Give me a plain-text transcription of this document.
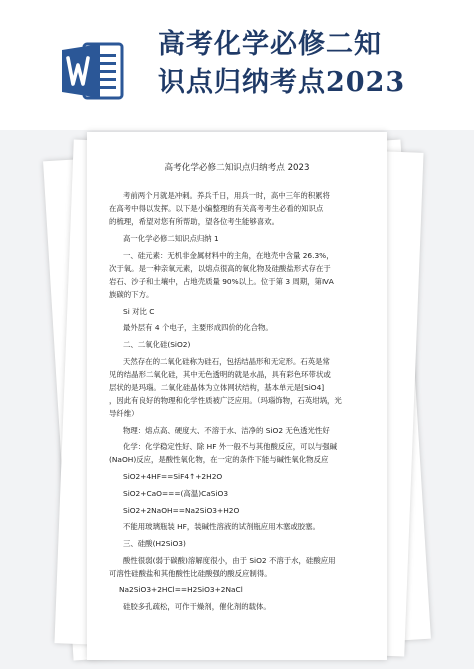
高考化学必修二知
识点归纳考点2023
高考化学必修二知识点归纳考点 2023
考前两个月就是冲刺。养兵千日，用兵一时，高中三年的积累将
在高考中得以发挥。以下是小编整理的有关高考考生必看的知识点
的梳理，希望对您有所帮助，望各位考生能够喜欢。
高一化学必修二知识点归纳 1
一、硅元素：无机非金属材料中的主角，在地壳中含量 26.3%，
次于氧。是一种亲氧元素，以熔点很高的氧化物及硅酸盐形式存在于
岩石、沙子和土壤中，占地壳质量 90%以上。位于第 3 周期，第ⅣA
族碳的下方。
Si 对比 C
最外层有 4 个电子，主要形成四价的化合物。
二、二氧化硅(SiO2)
天然存在的二氧化硅称为硅石，包括结晶形和无定形。石英是常
见的结晶形二氧化硅，其中无色透明的就是水晶，具有彩色环带状或
层状的是玛瑙。二氧化硅晶体为立体网状结构，基本单元是[SiO4]
，因此有良好的物理和化学性质被广泛应用。（玛瑙饰物，石英坩埚，光
导纤维）
物理：熔点高、硬度大、不溶于水、洁净的 SiO2 无色透光性好
化学：化学稳定性好、除 HF 外一般不与其他酸反应，可以与强碱
(NaOH)反应，是酸性氧化物，在一定的条件下能与碱性氧化物反应
SiO2+4HF==SiF4↑+2H2O
SiO2+CaO===(高温)CaSiO3
SiO2+2NaOH==Na2SiO3+H2O
不能用玻璃瓶装 HF，装碱性溶液的试剂瓶应用木塞或胶塞。
三、硅酸(H2SiO3)
酸性很弱(弱于碳酸)溶解度很小，由于 SiO2 不溶于水，硅酸应用
可溶性硅酸盐和其他酸性比硅酸强的酸反应制得。
Na2SiO3+2HCl==H2SiO3+2NaCl
硅胶多孔疏松，可作干燥剂，催化剂的载体。
